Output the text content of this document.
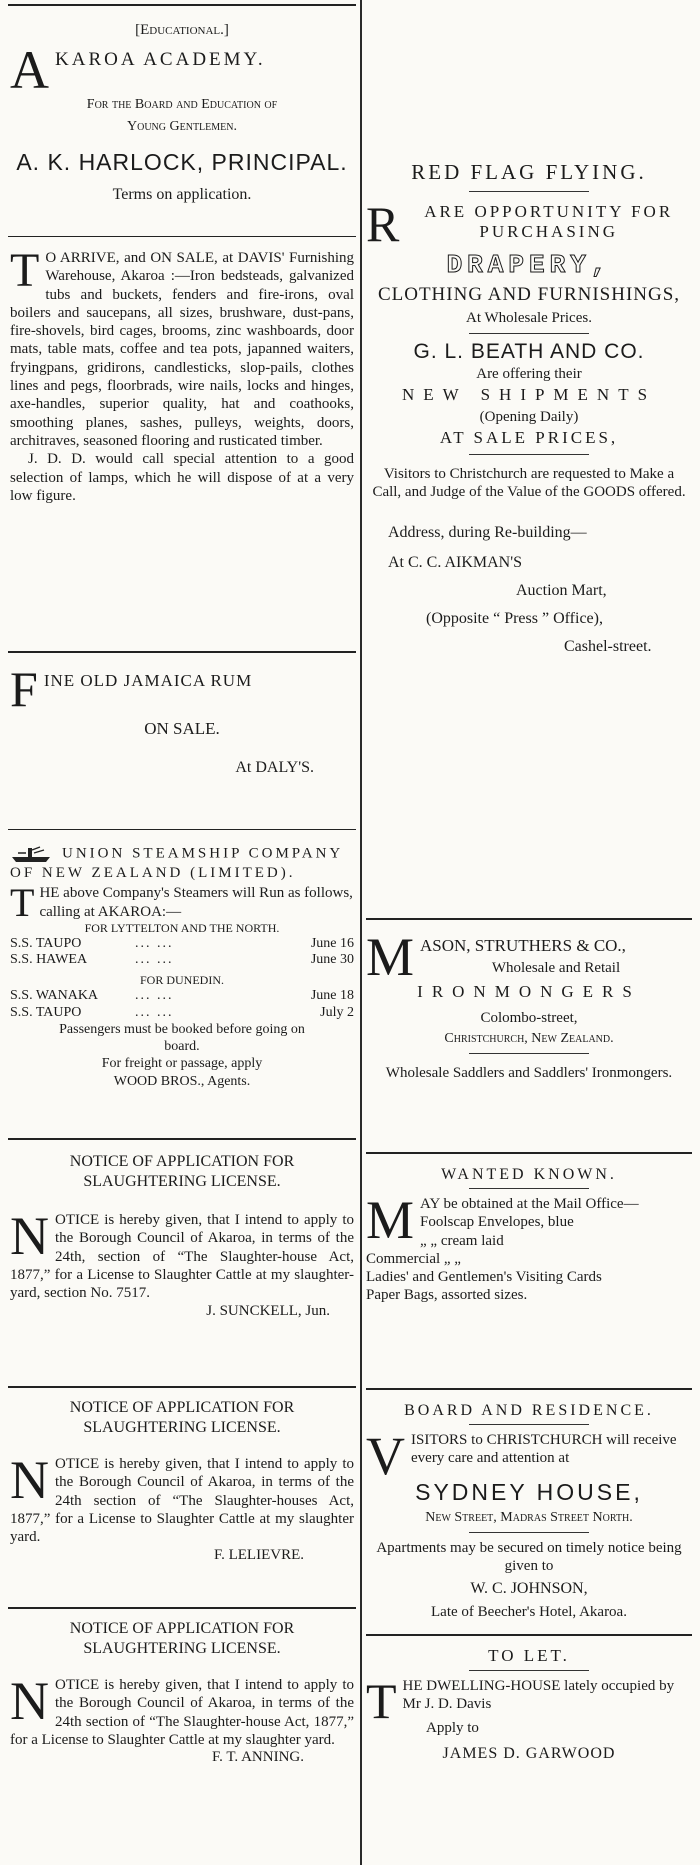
[Educational.]
A KAROA ACADEMY.
For the Board and Education of
Young Gentlemen.
A. K. HARLOCK, PRINCIPAL.
Terms on application.
T O ARRIVE, and ON SALE, at DAVIS' Furnishing Warehouse, Akaroa :—Iron bedsteads, galvanized tubs and buckets, fenders and fire-irons, oval boilers and saucepans, all sizes, brushware, dust-pans, fire-shovels, bird cages, brooms, zinc washboards, door mats, table mats, coffee and tea pots, japanned waiters, fryingpans, gridirons, candlesticks, slop-pails, clothes lines and pegs, floorbrads, wire nails, locks and hinges, axe-handles, superior quality, hat and coathooks, smoothing planes, sashes, pulleys, weights, doors, architraves, seasoned flooring and rusticated timber.
J. D. D. would call special attention to a good selection of lamps, which he will dispose of at a very low figure.
F INE OLD JAMAICA RUM
ON SALE.
At DALY'S.
UNION STEAMSHIP COMPANY OF NEW ZEALAND (LIMITED).
T HE above Company's Steamers will Run as follows, calling at AKAROA:—
FOR LYTTELTON AND THE NORTH.
S.S. TAUPO	... ...	June 16
S.S. HAWEA	... ...	June 30
FOR DUNEDIN.
S.S. WANAKA	... ...	June 18
S.S. TAUPO	... ...	July 2
Passengers must be booked before going on board.
For freight or passage, apply
WOOD BROS., Agents.
NOTICE OF APPLICATION FOR SLAUGHTERING LICENSE.
N OTICE is hereby given, that I intend to apply to the Borough Council of Akaroa, in terms of the 24th, section of “The Slaughter-house Act, 1877,” for a License to Slaughter Cattle at my slaughter-yard, section No. 7517.
J. SUNCKELL, Jun.
NOTICE OF APPLICATION FOR SLAUGHTERING LICENSE.
N OTICE is hereby given, that I intend to apply to the Borough Council of Akaroa, in terms of the 24th section of “The Slaughter-houses Act, 1877,” for a License to Slaughter Cattle at my slaughter yard.
F. LELIEVRE.
NOTICE OF APPLICATION FOR SLAUGHTERING LICENSE.
N OTICE is hereby given, that I intend to apply to the Borough Council of Akaroa, in terms of the 24th section of “The Slaughter-house Act, 1877,” for a License to Slaughter Cattle at my slaughter yard.
F. T. ANNING.
RED FLAG FLYING.
R	ARE OPPORTUNITY FOR PURCHASING
DRAPERY,
CLOTHING AND FURNISHINGS,
At Wholesale Prices.
G. L. BEATH AND CO.
Are offering their
NEW SHIPMENTS
(Opening Daily)
AT SALE PRICES,
Visitors to Christchurch are requested to Make a Call, and Judge of the Value of the GOODS offered.
Address, during Re-building—
At C. C. AIKMAN'S
Auction Mart,
(Opposite “ Press ” Office),
Cashel-street.
M ASON, STRUTHERS & CO.,
Wholesale and Retail
IRONMONGERS
Colombo-street,
Christchurch, New Zealand.
Wholesale Saddlers and Saddlers' Ironmongers.
WANTED KNOWN.
M AY be obtained at the Mail Office—
Foolscap Envelopes, blue
„ „ cream laid
Commercial „ „
Ladies' and Gentlemen's Visiting Cards
Paper Bags, assorted sizes.
BOARD AND RESIDENCE.
V ISITORS to CHRISTCHURCH will receive every care and attention at
SYDNEY HOUSE,
New Street, Madras Street North.
Apartments may be secured on timely notice being given to
W. C. JOHNSON,
Late of Beecher's Hotel, Akaroa.
TO LET.
T HE DWELLING-HOUSE lately occupied by Mr J. D. Davis
Apply to
JAMES D. GARWOOD
